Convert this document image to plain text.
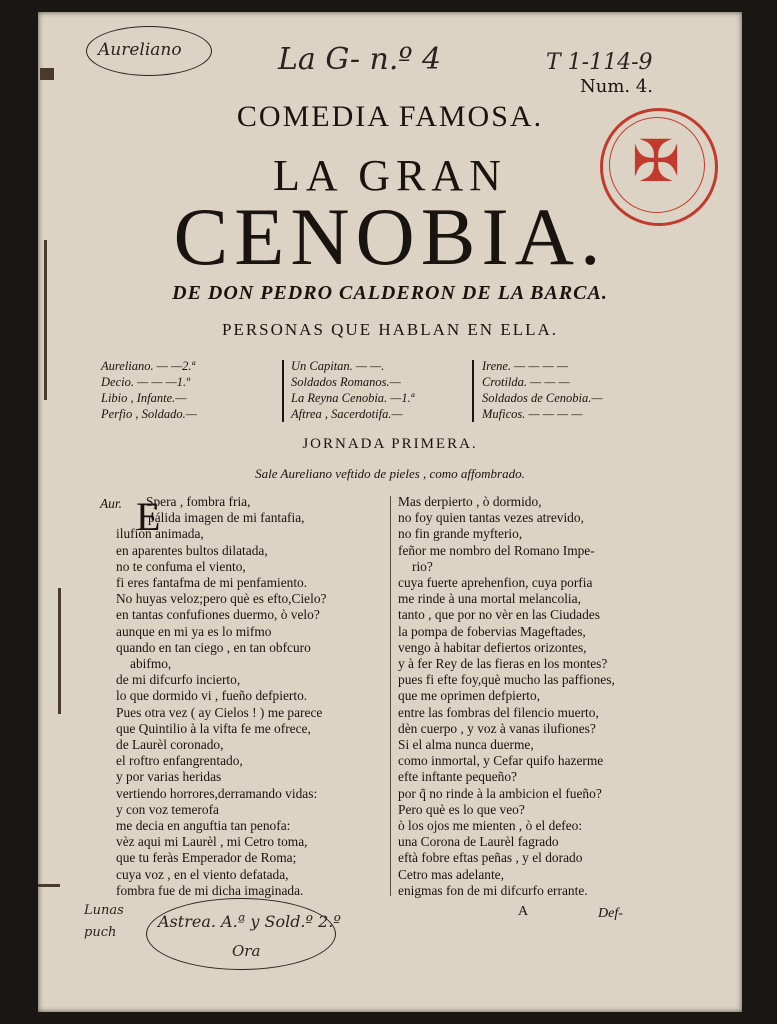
Aureliano	La G- n.º 4	T 1-114-9
Num. 4.
✠
COMEDIA FAMOSA.
LA GRAN
CENOBIA.
DE DON PEDRO CALDERON DE LA BARCA.
PERSONAS QUE HABLAN EN ELLA.
Aureliano. — —2.ª
Decio. — — —1.º
Libio , Infante.—
Perfio , Soldado.—
Un Capitan. — —.
Soldados Romanos.—
La Reyna Cenobia. —1.ª
Aftrea , Sacerdotifa.—
Irene. — — — —
Crotilda. — — —
Soldados de Cenobia.—
Muficos. — — — —
JORNADA PRIMERA.
Sale Aureliano veftido de pieles , como affombrado.
Aur. E
Spera , fombra fria,
pálida imagen de mi fantafia,
ilufion animada,
en aparentes bultos dilatada,
no te confuma el viento,
fi eres fantafma de mi penfamiento.
No huyas veloz;pero què es efto,Cielo?
en tantas confufiones duermo, ò velo?
aunque en mi ya es lo mifmo
quando en tan ciego , en tan obfcuro
abifmo,
de mi difcurfo incierto,
lo que dormido vi , fueño defpierto.
Pues otra vez ( ay Cielos ! ) me parece
que Quintilio à la vifta fe me ofrece,
de Laurèl coronado,
el roftro enfangrentado,
y por varias heridas
vertiendo horrores,derramando vidas:
y con voz temerofa
me decia en anguftia tan penofa:
vèz aqui mi Laurèl , mi Cetro toma,
que tu feràs Emperador de Roma;
cuya voz , en el viento defatada,
fombra fue de mi dicha imaginada.
Mas derpierto , ò dormido,
no foy quien tantas vezes atrevido,
no fin grande myfterio,
feñor me nombro del Romano Impe-
rio?
cuya fuerte aprehenfion, cuya porfia
me rinde à una mortal melancolia,
tanto , que por no vèr en las Ciudades
la pompa de fobervias Mageftades,
vengo à habitar defiertos orizontes,
y à fer Rey de las fieras en los montes?
pues fi efte foy,què mucho las paffiones,
que me oprimen defpierto,
entre las fombras del filencio muerto,
dèn cuerpo , y voz à vanas ilufiones?
Si el alma nunca duerme,
como inmortal, y Cefar quifo hazerme
efte inftante pequeño?
por q̃ no rinde à la ambicion el fueño?
Pero què es lo que veo?
ò los ojos me mienten , ò el defeo:
una Corona de Laurèl fagrado
eftà fobre eftas peñas , y el dorado
Cetro mas adelante,
enigmas fon de mi difcurfo errante.
A	Def-
Lunas puch
Astrea. A.ª y Sold.º 2.º
Ora
